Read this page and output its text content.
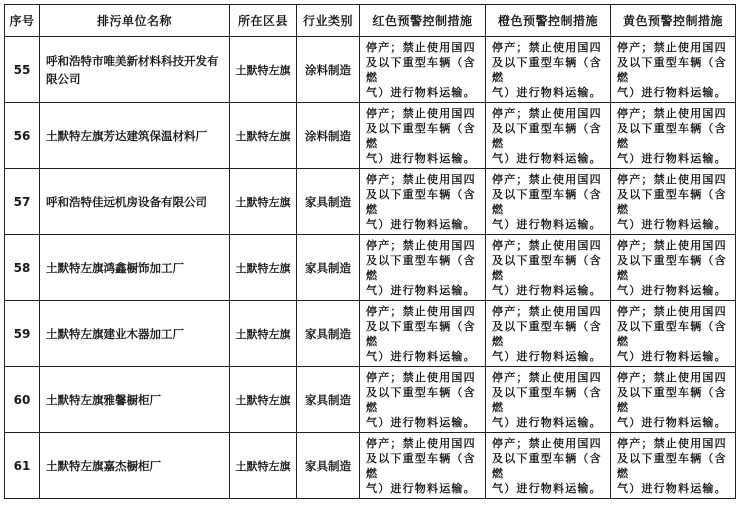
序号	排污单位名称	所在区县	行业类别	红色预警控制措施	橙色预警控制措施	黄色预警控制措施
55	呼和浩特市唯美新材料科技开发有限公司	土默特左旗	涂料制造	停产；禁止使用国四
及以下重型车辆（含燃
气）进行物料运输。	停产；禁止使用国四
及以下重型车辆（含燃
气）进行物料运输。	停产；禁止使用国四
及以下重型车辆（含燃
气）进行物料运输。

56	土默特左旗芳达建筑保温材料厂	土默特左旗	涂料制造	停产；禁止使用国四
及以下重型车辆（含燃
气）进行物料运输。	停产；禁止使用国四
及以下重型车辆（含燃
气）进行物料运输。	停产；禁止使用国四
及以下重型车辆（含燃
气）进行物料运输。

57	呼和浩特佳远机房设备有限公司	土默特左旗	家具制造	停产；禁止使用国四
及以下重型车辆（含燃
气）进行物料运输。	停产；禁止使用国四
及以下重型车辆（含燃
气）进行物料运输。	停产；禁止使用国四
及以下重型车辆（含燃
气）进行物料运输。

58	土默特左旗鸿鑫橱饰加工厂	土默特左旗	家具制造	停产；禁止使用国四
及以下重型车辆（含燃
气）进行物料运输。	停产；禁止使用国四
及以下重型车辆（含燃
气）进行物料运输。	停产；禁止使用国四
及以下重型车辆（含燃
气）进行物料运输。

59	土默特左旗建业木器加工厂	土默特左旗	家具制造	停产；禁止使用国四
及以下重型车辆（含燃
气）进行物料运输。	停产；禁止使用国四
及以下重型车辆（含燃
气）进行物料运输。	停产；禁止使用国四
及以下重型车辆（含燃
气）进行物料运输。

60	土默特左旗雅馨橱柜厂	土默特左旗	家具制造	停产；禁止使用国四
及以下重型车辆（含燃
气）进行物料运输。	停产；禁止使用国四
及以下重型车辆（含燃
气）进行物料运输。	停产；禁止使用国四
及以下重型车辆（含燃
气）进行物料运输。

61	土默特左旗嘉杰橱柜厂	土默特左旗	家具制造	停产；禁止使用国四
及以下重型车辆（含燃
气）进行物料运输。	停产；禁止使用国四
及以下重型车辆（含燃
气）进行物料运输。	停产；禁止使用国四
及以下重型车辆（含燃
气）进行物料运输。
